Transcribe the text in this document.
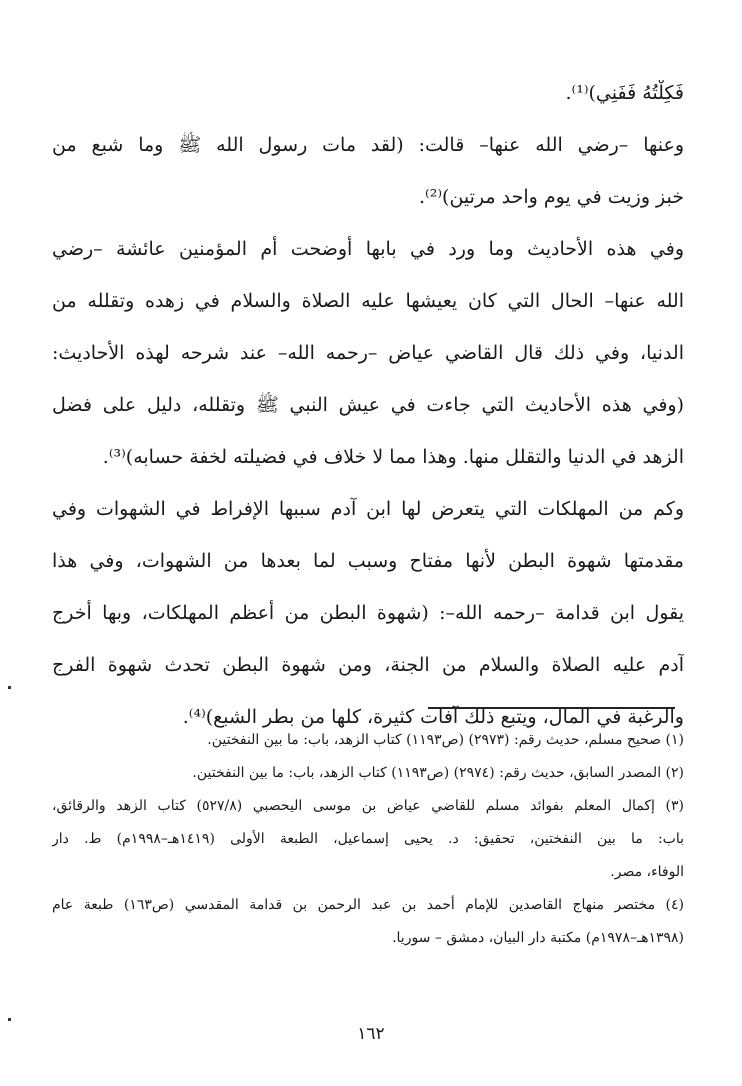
فَكِلْتُهُ فَفَنِي)⁽¹⁾.
وعنها –رضي الله عنها– قالت: (لقد مات رسول الله ﷺ وما شبع من
خبز وزيت في يوم واحد مرتين)⁽²⁾.
وفي هذه الأحاديث وما ورد في بابها أوضحت أم المؤمنين عائشة –رضي
الله عنها– الحال التي كان يعيشها عليه الصلاة والسلام في زهده وتقلله من
الدنيا، وفي ذلك قال القاضي عياض –رحمه الله– عند شرحه لهذه الأحاديث:
(وفي هذه الأحاديث التي جاءت في عيش النبي ﷺ وتقلله، دليل على فضل
الزهد في الدنيا والتقلل منها. وهذا مما لا خلاف في فضيلته لخفة حسابه)⁽³⁾.
وكم من المهلكات التي يتعرض لها ابن آدم سببها الإفراط في الشهوات وفي
مقدمتها شهوة البطن لأنها مفتاح وسبب لما بعدها من الشهوات، وفي هذا
يقول ابن قدامة –رحمه الله–: (شهوة البطن من أعظم المهلكات، وبها أخرج
آدم عليه الصلاة والسلام من الجنة، ومن شهوة البطن تحدث شهوة الفرج
والرغبة في المال، ويتبع ذلك آفات كثيرة، كلها من بطر الشبع)⁽⁴⁾.
(١) صحيح مسلم، حديث رقم: (٢٩٧٣) (ص١١٩٣) كتاب الزهد، باب: ما بين النفختين.
(٢) المصدر السابق، حديث رقم: (٢٩٧٤) (ص١١٩٣) كتاب الزهد، باب: ما بين النفختين.
(٣) إكمال المعلم بفوائد مسلم للقاضي عياض بن موسى اليحصبي (٥٢٧/٨) كتاب الزهد والرقائق،
باب: ما بين النفختين، تحقيق: د. يحيى إسماعيل، الطبعة الأولى (١٤١٩هـ–١٩٩٨م) ط. دار
الوفاء، مصر.
(٤) مختصر منهاج القاصدين للإمام أحمد بن عبد الرحمن بن قدامة المقدسي (ص١٦٣) طبعة عام
(١٣٩٨هـ–١٩٧٨م) مكتبة دار البيان، دمشق – سوريا.
١٦٢
